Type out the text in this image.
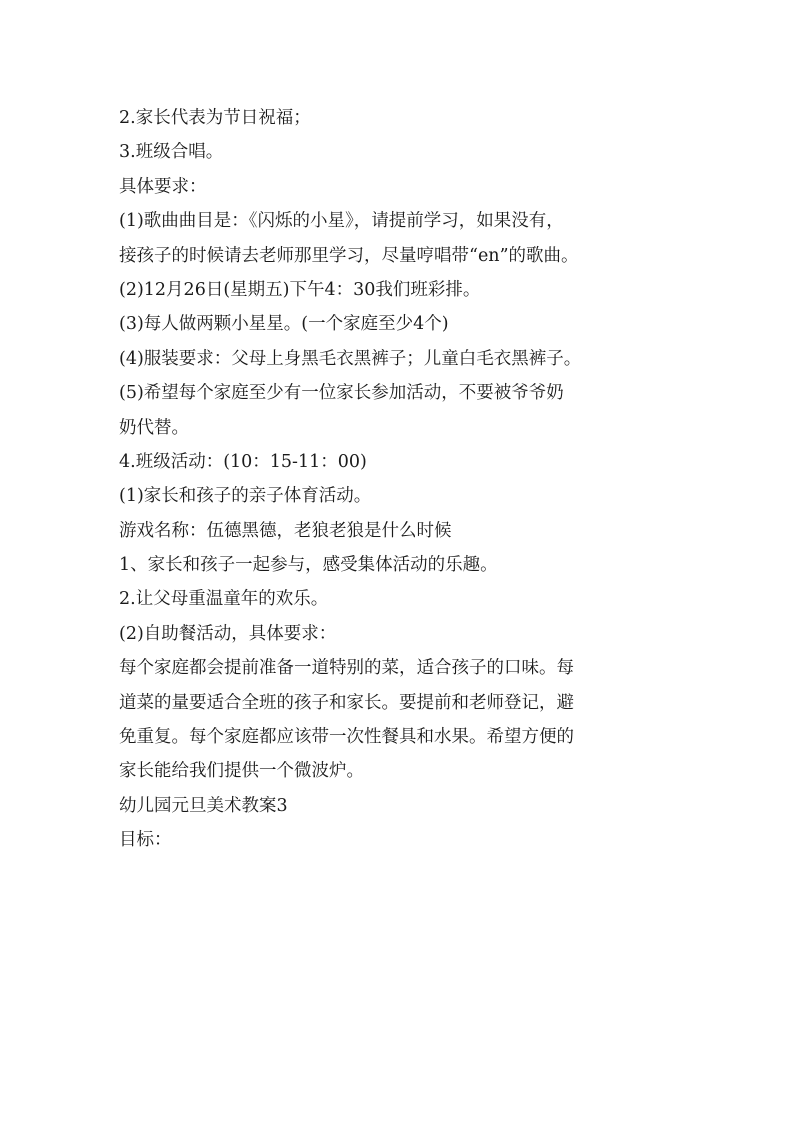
2.家长代表为节日祝福；
3.班级合唱。
具体要求：
(1)歌曲曲目是：《闪烁的小星》，请提前学习，如果没有，
接孩子的时候请去老师那里学习，尽量哼唱带“en”的歌曲。
(2)12月26日(星期五)下午4：30我们班彩排。
(3)每人做两颗小星星。(一个家庭至少4个)
(4)服装要求：父母上身黑毛衣黑裤子；儿童白毛衣黑裤子。
(5)希望每个家庭至少有一位家长参加活动，不要被爷爷奶
奶代替。
4.班级活动：(10：15-11：00)
(1)家长和孩子的亲子体育活动。
游戏名称：伍德黑德，老狼老狼是什么时候
1、家长和孩子一起参与，感受集体活动的乐趣。
2.让父母重温童年的欢乐。
(2)自助餐活动，具体要求：
每个家庭都会提前准备一道特别的菜，适合孩子的口味。每
道菜的量要适合全班的孩子和家长。要提前和老师登记，避
免重复。每个家庭都应该带一次性餐具和水果。希望方便的
家长能给我们提供一个微波炉。
幼儿园元旦美术教案3
目标：
